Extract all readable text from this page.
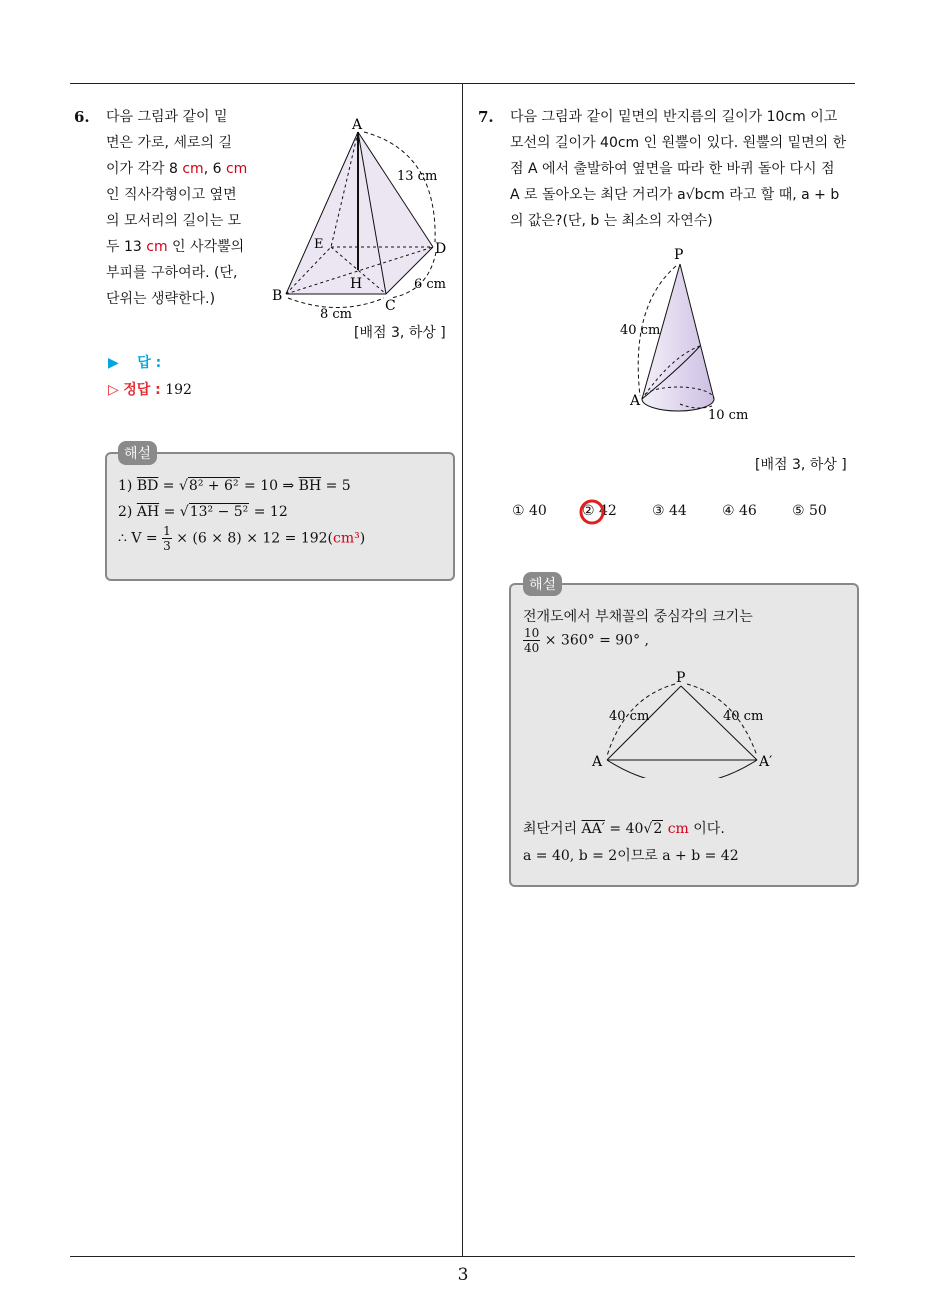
3
6. 다음 그림과 같이 밑
면은 가로, 세로의 길
이가 각각 8 cm, 6 cm
인 직사각형이고 옆면
의 모서리의 길이는 모
두 13 cm 인 사각뿔의
부피를 구하여라. (단,
단위는 생략한다.)
A
B
C
D
E
H
13 cm
6 cm
8 cm
[배점 3, 하상 ]
▶ 답 :
▷ 정답 : 192
해설
1) $\overline{BD} = √8^2 + 6^2 = 10$ ⇒ $\overline{BH} = 5$
2) $\overline{AH} = √13^2 - 5^2 = 12$
∴ $V = \frac{1}{3} \times (6 \times 8) \times 12 = 192(cm^3)$
7. 다음 그림과 같이 밑면의 반지름의 길이가 10cm 이고
모선의 길이가 40cm 인 원뿔이 있다. 원뿔의 밑면의 한
점 A 에서 출발하여 옆면을 따라 한 바퀴 돌아 다시 점
A 로 돌아오는 최단 거리가 a√bcm 라고 할 때, a + b
의 값은?(단, b 는 최소의 자연수)
P
A
40 cm
10 cm
[배점 3, 하상 ]
① 40	② 42	③ 44	④ 46	⑤ 50
해설
전개도에서 부채꼴의 중심각의 크기는
$\frac{10}{40} \times 360^\circ = 90^\circ$ ,
P
A	A′
40 cm	40 cm
최단거리 AA′ = 40√2 cm 이다.
a = 40, b = 2이므로 a + b = 42
